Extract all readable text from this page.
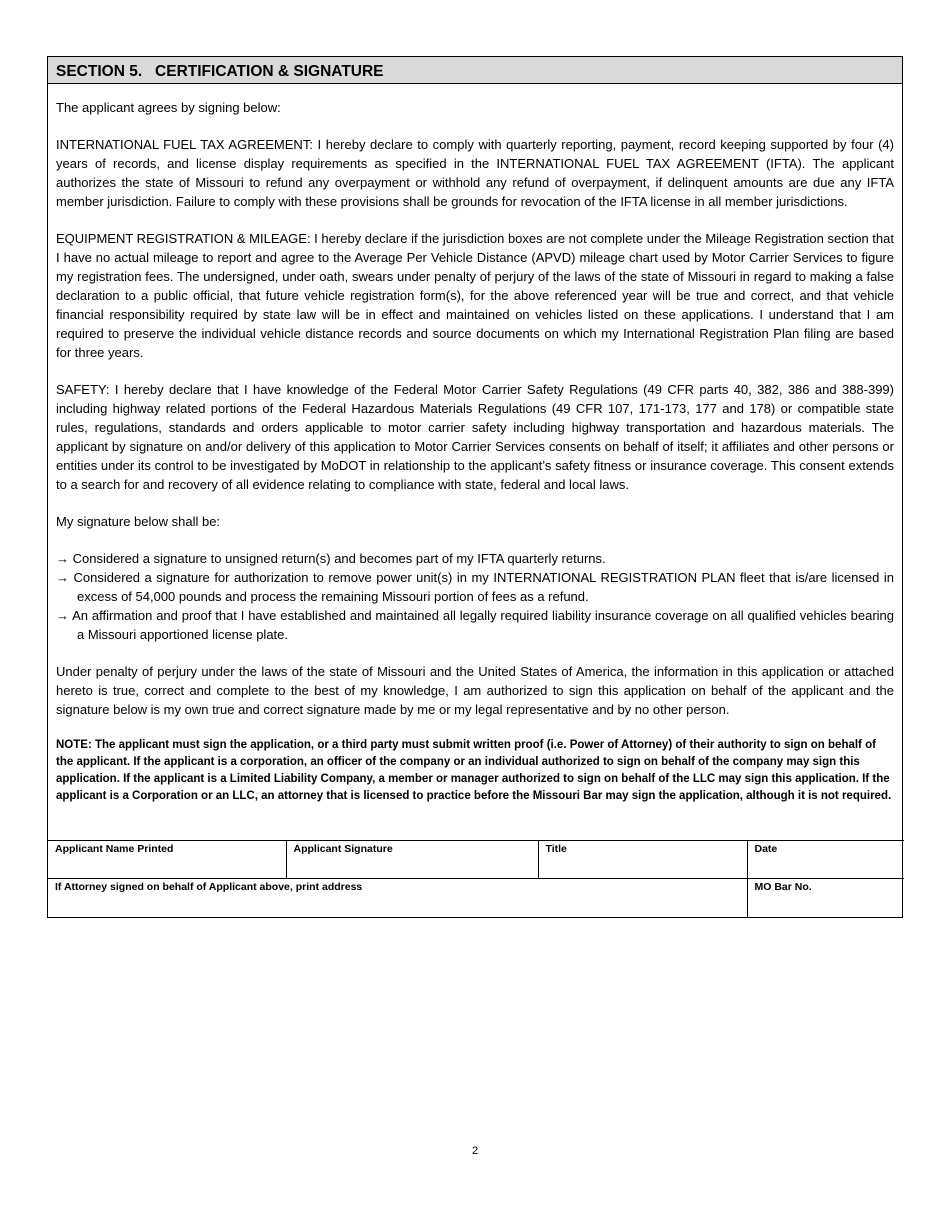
SECTION 5.   CERTIFICATION & SIGNATURE

The applicant agrees by signing below:

INTERNATIONAL FUEL TAX AGREEMENT: I hereby declare to comply with quarterly reporting, payment, record keeping supported by four (4) years of records, and license display requirements as specified in the INTERNATIONAL FUEL TAX AGREEMENT (IFTA). The applicant authorizes the state of Missouri to refund any overpayment or withhold any refund of overpayment, if delinquent amounts are due any IFTA member jurisdiction. Failure to comply with these provisions shall be grounds for revocation of the IFTA license in all member jurisdictions.

EQUIPMENT REGISTRATION & MILEAGE: I hereby declare if the jurisdiction boxes are not complete under the Mileage Registration section that I have no actual mileage to report and agree to the Average Per Vehicle Distance (APVD) mileage chart used by Motor Carrier Services to figure my registration fees. The undersigned, under oath, swears under penalty of perjury of the laws of the state of Missouri in regard to making a false declaration to a public official, that future vehicle registration form(s), for the above referenced year will be true and correct, and that vehicle financial responsibility required by state law will be in effect and maintained on vehicles listed on these applications. I understand that I am required to preserve the individual vehicle distance records and source documents on which my International Registration Plan filing are based for three years.

SAFETY: I hereby declare that I have knowledge of the Federal Motor Carrier Safety Regulations (49 CFR parts 40, 382, 386 and 388-399) including highway related portions of the Federal Hazardous Materials Regulations (49 CFR 107, 171-173, 177 and 178) or compatible state rules, regulations, standards and orders applicable to motor carrier safety including highway transportation and hazardous materials. The applicant by signature on and/or delivery of this application to Motor Carrier Services consents on behalf of itself; it affiliates and other persons or entities under its control to be investigated by MoDOT in relationship to the applicant’s safety fitness or insurance coverage. This consent extends to a search for and recovery of all evidence relating to compliance with state, federal and local laws.

My signature below shall be:

→ Considered a signature to unsigned return(s) and becomes part of my IFTA quarterly returns.
→ Considered a signature for authorization to remove power unit(s) in my INTERNATIONAL REGISTRATION PLAN fleet that is/are licensed in excess of 54,000 pounds and process the remaining Missouri portion of fees as a refund.
→ An affirmation and proof that I have established and maintained all legally required liability insurance coverage on all qualified vehicles bearing a Missouri apportioned license plate.

Under penalty of perjury under the laws of the state of Missouri and the United States of America, the information in this application or attached hereto is true, correct and complete to the best of my knowledge, I am authorized to sign this application on behalf of the applicant and the signature below is my own true and correct signature made by me or my legal representative and by no other person.

NOTE: The applicant must sign the application, or a third party must submit written proof (i.e. Power of Attorney) of their authority to sign on behalf of the applicant. If the applicant is a corporation, an officer of the company or an individual authorized to sign on behalf of the company may sign this application. If the applicant is a Limited Liability Company, a member or manager authorized to sign on behalf of the LLC may sign this application. If the applicant is a Corporation or an LLC, an attorney that is licensed to practice before the Missouri Bar may sign the application, although it is not required.

Applicant Name Printed	Applicant Signature	Title	Date
If Attorney signed on behalf of Applicant above, print address			MO Bar No.
2
